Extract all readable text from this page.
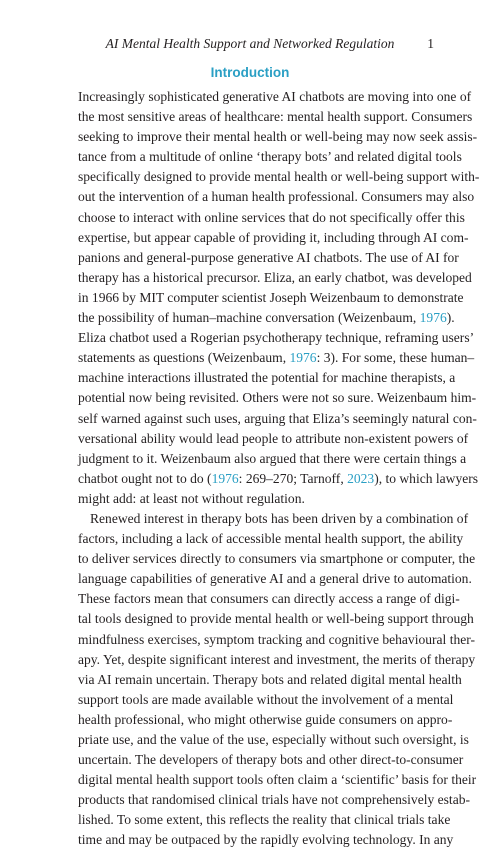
AI Mental Health Support and Networked Regulation	1
Introduction
Increasingly sophisticated generative AI chatbots are moving into one of
the most sensitive areas of healthcare: mental health support. Consumers
seeking to improve their mental health or well-being may now seek assis-
tance from a multitude of online ‘therapy bots’ and related digital tools
specifically designed to provide mental health or well-being support with-
out the intervention of a human health professional. Consumers may also
choose to interact with online services that do not specifically offer this
expertise, but appear capable of providing it, including through AI com-
panions and general-purpose generative AI chatbots. The use of AI for
therapy has a historical precursor. Eliza, an early chatbot, was developed
in 1966 by MIT computer scientist Joseph Weizenbaum to demonstrate
the possibility of human–machine conversation (Weizenbaum, 1976).
Eliza chatbot used a Rogerian psychotherapy technique, reframing users’
statements as questions (Weizenbaum, 1976: 3). For some, these human–
machine interactions illustrated the potential for machine therapists, a
potential now being revisited. Others were not so sure. Weizenbaum him-
self warned against such uses, arguing that Eliza’s seemingly natural con-
versational ability would lead people to attribute non-existent powers of
judgment to it. Weizenbaum also argued that there were certain things a
chatbot ought not to do (1976: 269–270; Tarnoff, 2023), to which lawyers
might add: at least not without regulation.
Renewed interest in therapy bots has been driven by a combination of
factors, including a lack of accessible mental health support, the ability
to deliver services directly to consumers via smartphone or computer, the
language capabilities of generative AI and a general drive to automation.
These factors mean that consumers can directly access a range of digi-
tal tools designed to provide mental health or well-being support through
mindfulness exercises, symptom tracking and cognitive behavioural ther-
apy. Yet, despite significant interest and investment, the merits of therapy
via AI remain uncertain. Therapy bots and related digital mental health
support tools are made available without the involvement of a mental
health professional, who might otherwise guide consumers on appro-
priate use, and the value of the use, especially without such oversight, is
uncertain. The developers of therapy bots and other direct-to-consumer
digital mental health support tools often claim a ‘scientific’ basis for their
products that randomised clinical trials have not comprehensively estab-
lished. To some extent, this reflects the reality that clinical trials take
time and may be outpaced by the rapidly evolving technology. In any
